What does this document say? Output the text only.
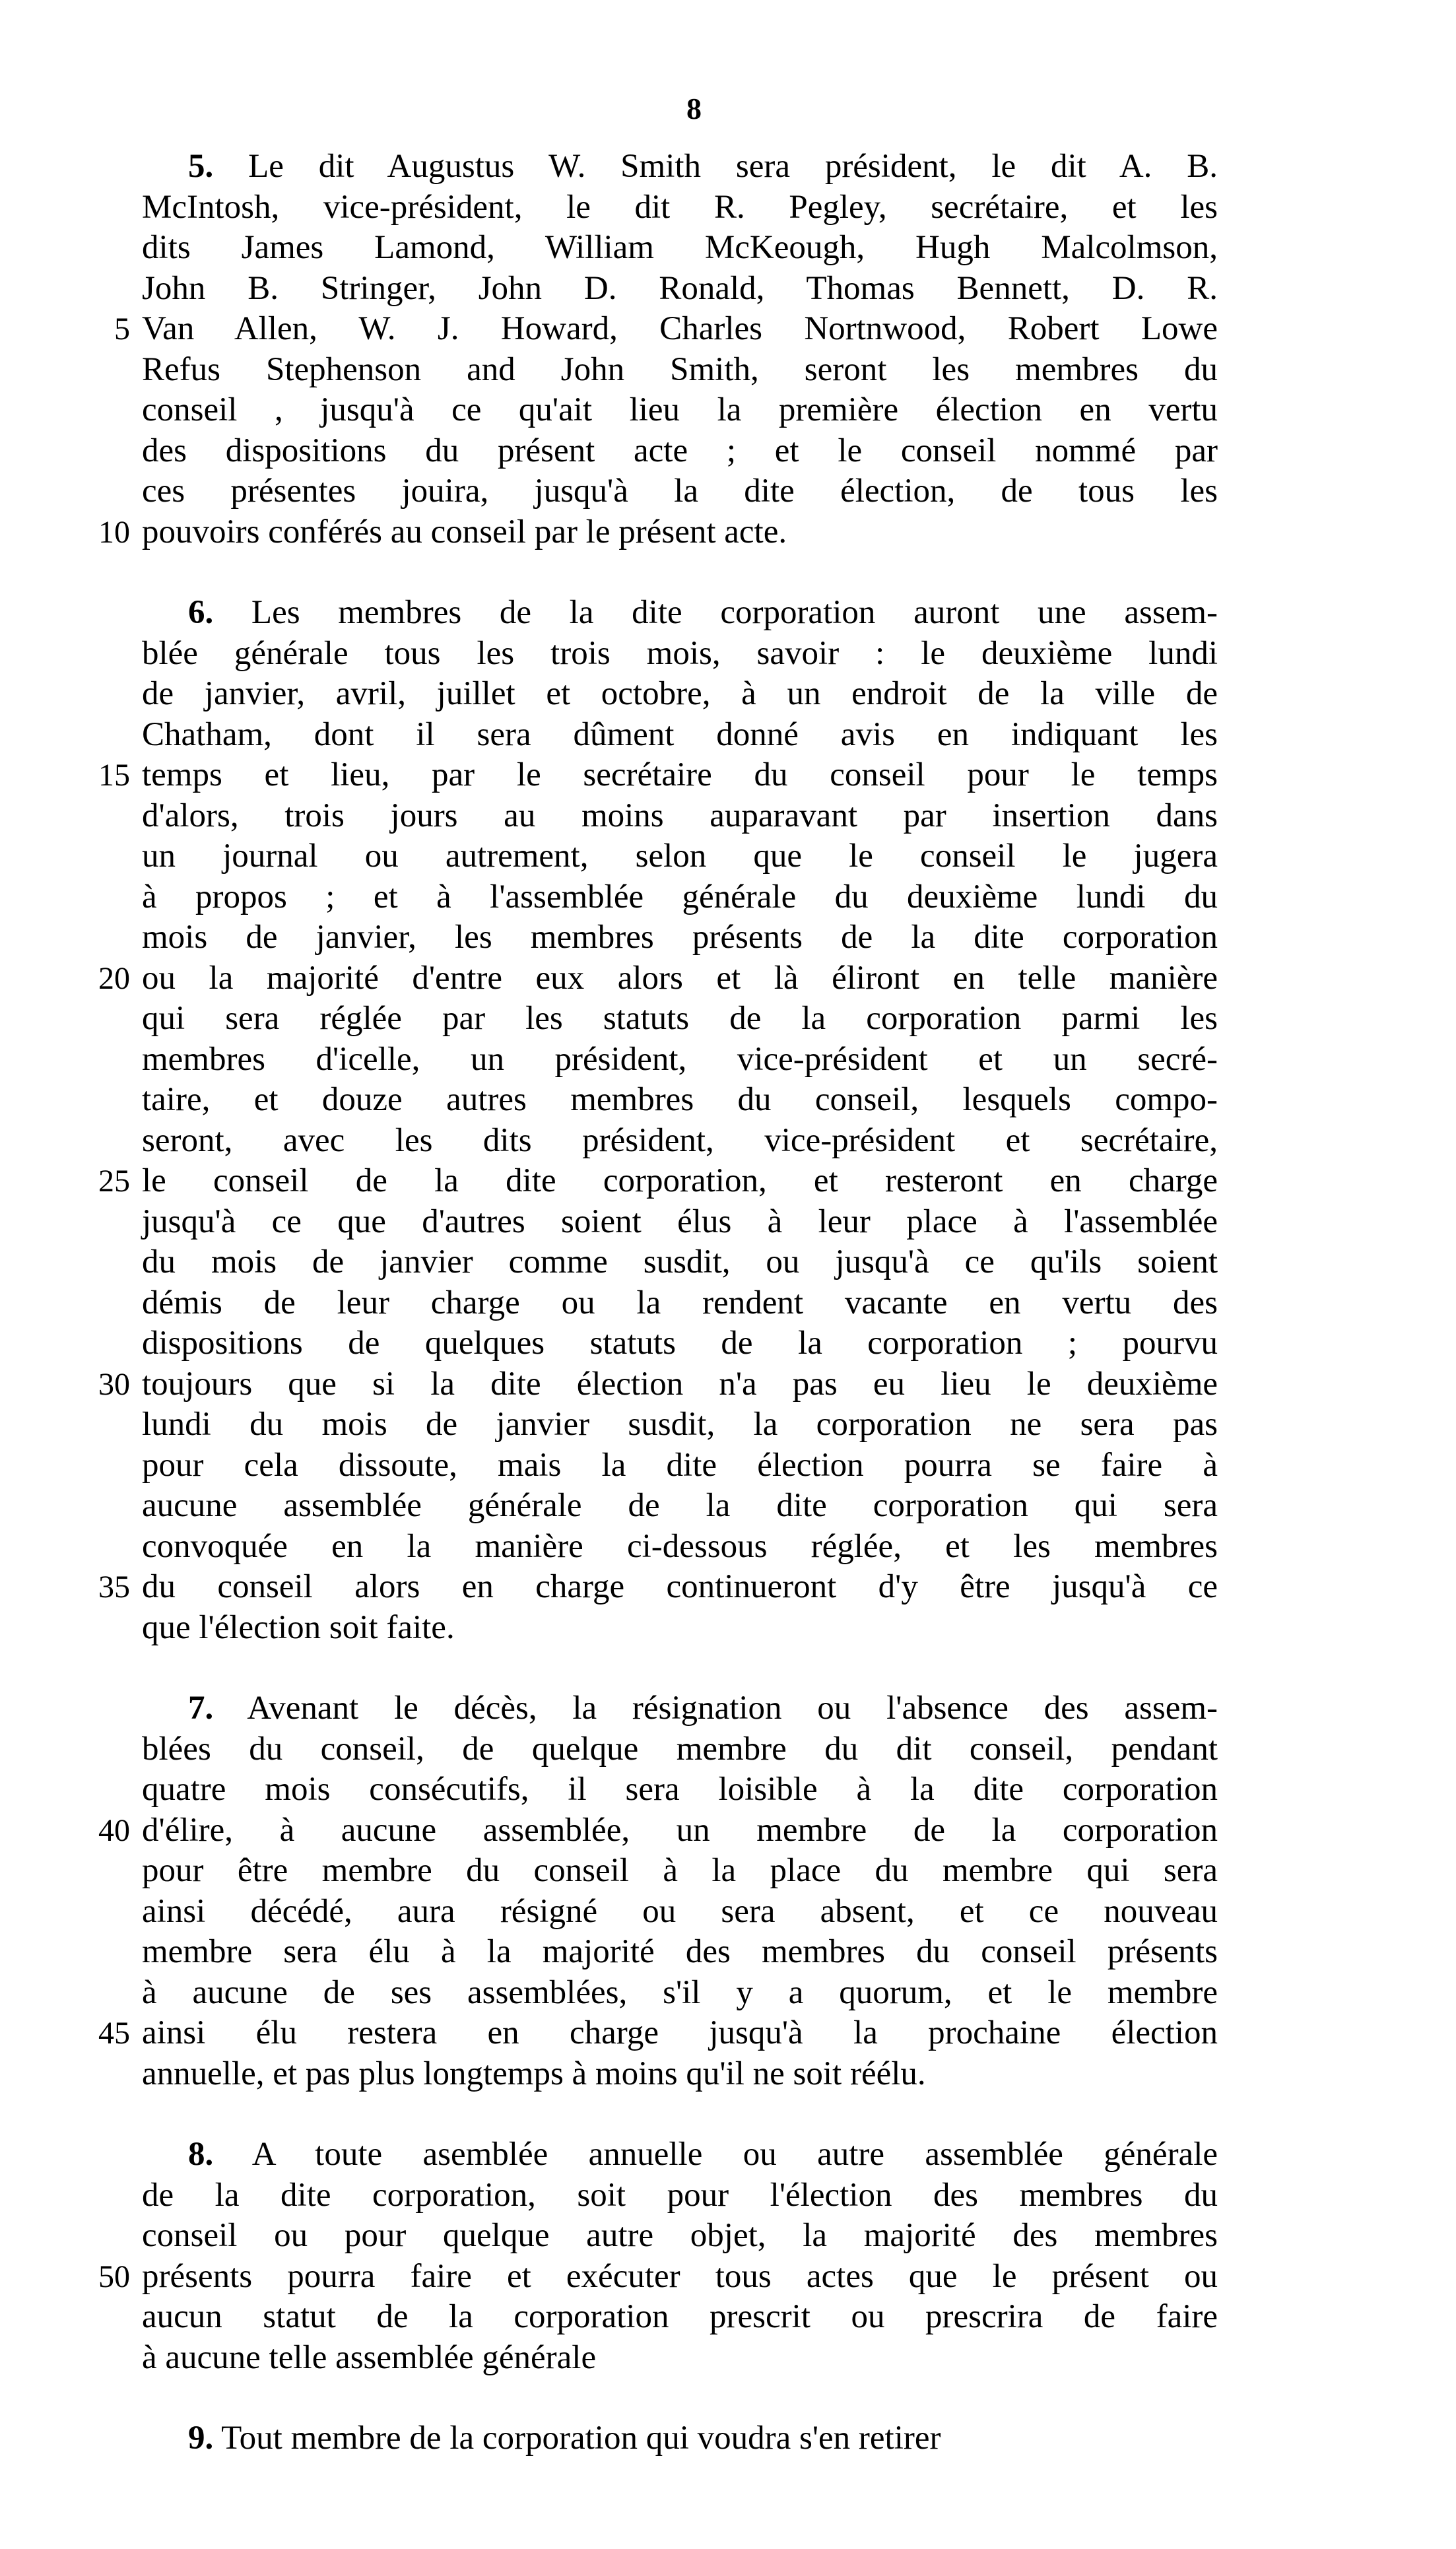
8
5. Le dit Augustus W. Smith sera président, le dit A. B.
McIntosh, vice-président, le dit R. Pegley, secrétaire, et les
dits James Lamond, William McKeough, Hugh Malcolmson,
John B. Stringer, John D. Ronald, Thomas Bennett, D. R.
5 Van Allen, W. J. Howard, Charles Nortnwood, Robert Lowe
Refus Stephenson and John Smith, seront les membres du
conseil , jusqu'à ce qu'ait lieu la première élection en vertu
des dispositions du présent acte ; et le conseil nommé par
ces présentes jouira, jusqu'à la dite élection, de tous les
10 pouvoirs conférés au conseil par le présent acte.
6. Les membres de la dite corporation auront une assem-
blée générale tous les trois mois, savoir : le deuxième lundi
de janvier, avril, juillet et octobre, à un endroit de la ville de
Chatham, dont il sera dûment donné avis en indiquant les
15 temps et lieu, par le secrétaire du conseil pour le temps
d'alors, trois jours au moins auparavant par insertion dans
un journal ou autrement, selon que le conseil le jugera
à propos ; et à l'assemblée générale du deuxième lundi du
mois de janvier, les membres présents de la dite corporation
20 ou la majorité d'entre eux alors et là éliront en telle manière
qui sera réglée par les statuts de la corporation parmi les
membres d'icelle, un président, vice-président et un secré-
taire, et douze autres membres du conseil, lesquels compo-
seront, avec les dits président, vice-président et secrétaire,
25 le conseil de la dite corporation, et resteront en charge
jusqu'à ce que d'autres soient élus à leur place à l'assemblée
du mois de janvier comme susdit, ou jusqu'à ce qu'ils soient
démis de leur charge ou la rendent vacante en vertu des
dispositions de quelques statuts de la corporation ; pourvu
30 toujours que si la dite élection n'a pas eu lieu le deuxième
lundi du mois de janvier susdit, la corporation ne sera pas
pour cela dissoute, mais la dite élection pourra se faire à
aucune assemblée générale de la dite corporation qui sera
convoquée en la manière ci-dessous réglée, et les membres
35 du conseil alors en charge continueront d'y être jusqu'à ce
que l'élection soit faite.
7. Avenant le décès, la résignation ou l'absence des assem-
blées du conseil, de quelque membre du dit conseil, pendant
quatre mois consécutifs, il sera loisible à la dite corporation
40 d'élire, à aucune assemblée, un membre de la corporation
pour être membre du conseil à la place du membre qui sera
ainsi décédé, aura résigné ou sera absent, et ce nouveau
membre sera élu à la majorité des membres du conseil présents
à aucune de ses assemblées, s'il y a quorum, et le membre
45 ainsi élu restera en charge jusqu'à la prochaine élection
annuelle, et pas plus longtemps à moins qu'il ne soit réélu.
8. A toute asemblée annuelle ou autre assemblée générale
de la dite corporation, soit pour l'élection des membres du
conseil ou pour quelque autre objet, la majorité des membres
50 présents pourra faire et exécuter tous actes que le présent ou
aucun statut de la corporation prescrit ou prescrira de faire
à aucune telle assemblée générale
9. Tout membre de la corporation qui voudra s'en retirer
